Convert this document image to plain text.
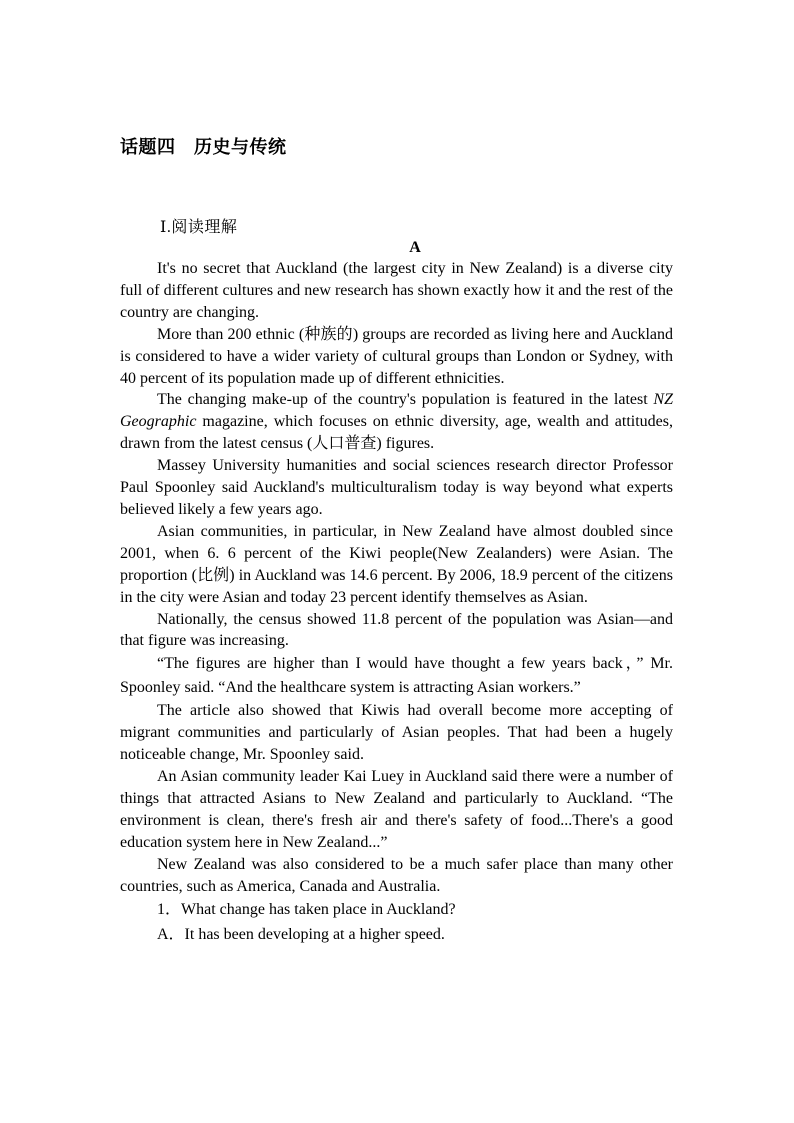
话题四　历史与传统
Ⅰ.阅读理解
A

It's no secret that Auckland (the largest city in New Zealand) is a diverse city full of different cultures and new research has shown exactly how it and the rest of the country are changing.

More than 200 ethnic (种族的) groups are recorded as living here and Auckland is considered to have a wider variety of cultural groups than London or Sydney, with 40 percent of its population made up of different ethnicities.

The changing make-up of the country's population is featured in the latest NZ Geographic magazine, which focuses on ethnic diversity, age, wealth and attitudes, drawn from the latest census (人口普查) figures.

Massey University humanities and social sciences research director Professor Paul Spoonley said Auckland's multiculturalism today is way beyond what experts believed likely a few years ago.

Asian communities, in particular, in New Zealand have almost doubled since 2001, when 6. 6 percent of the Kiwi people(New Zealanders) were Asian. The proportion (比例) in Auckland was 14.6 percent. By 2006, 18.9 percent of the citizens in the city were Asian and today 23 percent identify themselves as Asian.

Nationally, the census showed 11.8 percent of the population was Asian—and that figure was increasing.

“The figures are higher than I would have thought a few years back，” Mr. Spoonley said. “And the healthcare system is attracting Asian workers.”

The article also showed that Kiwis had overall become more accepting of migrant communities and particularly of Asian peoples. That had been a hugely noticeable change, Mr. Spoonley said.

An Asian community leader Kai Luey in Auckland said there were a number of things that attracted Asians to New Zealand and particularly to Auckland. “The environment is clean, there's fresh air and there's safety of food...There's a good education system here in New Zealand...”

New Zealand was also considered to be a much safer place than many other countries, such as America, Canada and Australia.

1．What change has taken place in Auckland?

A．It has been developing at a higher speed.
